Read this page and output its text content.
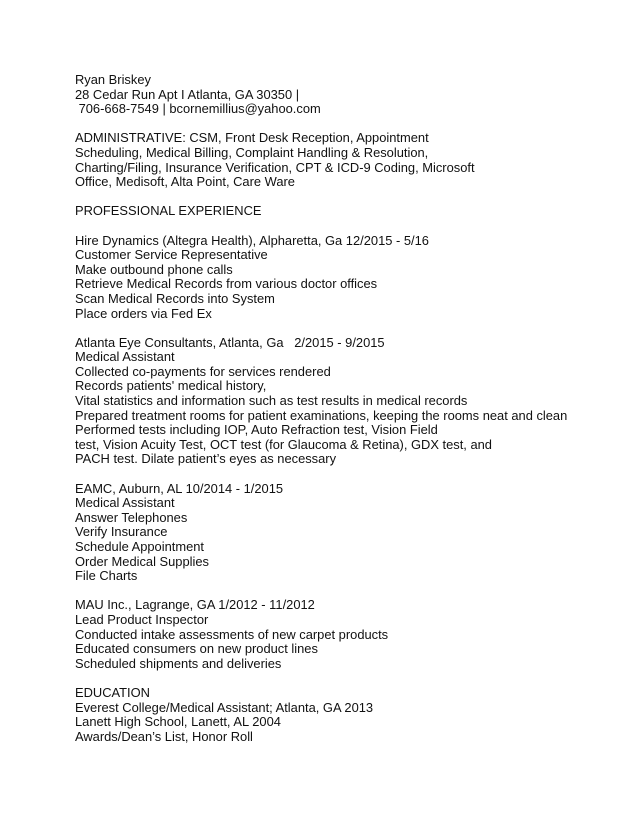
Ryan Briskey
28 Cedar Run Apt I Atlanta, GA 30350 |
706-668-7549 | bcornemillius@yahoo.com
ADMINISTRATIVE: CSM, Front Desk Reception, Appointment
Scheduling, Medical Billing, Complaint Handling & Resolution,
Charting/Filing, Insurance Verification, CPT & ICD-9 Coding, Microsoft
Office, Medisoft, Alta Point, Care Ware
PROFESSIONAL EXPERIENCE
Hire Dynamics (Altegra Health), Alpharetta, Ga 12/2015 - 5/16
Customer Service Representative
Make outbound phone calls
Retrieve Medical Records from various doctor offices
Scan Medical Records into System
Place orders via Fed Ex
Atlanta Eye Consultants, Atlanta, Ga   2/2015 - 9/2015
Medical Assistant
Collected co-payments for services rendered
Records patients' medical history,
Vital statistics and information such as test results in medical records
Prepared treatment rooms for patient examinations, keeping the rooms neat and clean
Performed tests including IOP, Auto Refraction test, Vision Field
test, Vision Acuity Test, OCT test (for Glaucoma & Retina), GDX test, and
PACH test. Dilate patient’s eyes as necessary
EAMC, Auburn, AL 10/2014 - 1/2015
Medical Assistant
Answer Telephones
Verify Insurance
Schedule Appointment
Order Medical Supplies
File Charts
MAU Inc., Lagrange, GA 1/2012 - 11/2012
Lead Product Inspector
Conducted intake assessments of new carpet products
Educated consumers on new product lines
Scheduled shipments and deliveries
EDUCATION
Everest College/Medical Assistant; Atlanta, GA 2013
Lanett High School, Lanett, AL 2004
Awards/Dean’s List, Honor Roll
